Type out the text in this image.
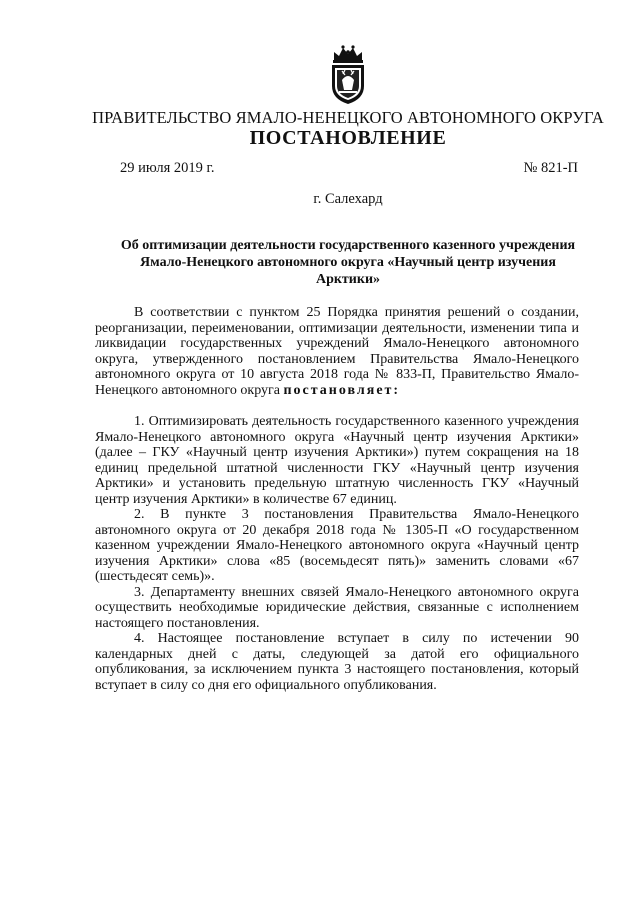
ПРАВИТЕЛЬСТВО ЯМАЛО-НЕНЕЦКОГО АВТОНОМНОГО ОКРУГА
ПОСТАНОВЛЕНИЕ
29 июля 2019 г.	№ 821-П
г. Салехард
Об оптимизации деятельности государственного казенного учреждения Ямало-Ненецкого автономного округа «Научный центр изучения Арктики»

В соответствии с пунктом 25 Порядка принятия решений о создании, реорганизации, переименовании, оптимизации деятельности, изменении типа и ликвидации государственных учреждений Ямало-Ненецкого автономного округа, утвержденного постановлением Правительства Ямало-Ненецкого автономного округа от 10 августа 2018 года № 833-П, Правительство Ямало-Ненецкого автономного округа постановляет:

1. Оптимизировать деятельность государственного казенного учреждения Ямало-Ненецкого автономного округа «Научный центр изучения Арктики» (далее – ГКУ «Научный центр изучения Арктики») путем сокращения на 18 единиц предельной штатной численности ГКУ «Научный центр изучения Арктики» и установить предельную штатную численность ГКУ «Научный центр изучения Арктики» в количестве 67 единиц.

2. В пункте 3 постановления Правительства Ямало-Ненецкого автономного округа от 20 декабря 2018 года № 1305-П «О государственном казенном учреждении Ямало-Ненецкого автономного округа «Научный центр изучения Арктики» слова «85 (восемьдесят пять)» заменить словами «67 (шестьдесят семь)».

3. Департаменту внешних связей Ямало-Ненецкого автономного округа осуществить необходимые юридические действия, связанные с исполнением настоящего постановления.

4. Настоящее постановление вступает в силу по истечении 90 календарных дней с даты, следующей за датой его официального опубликования, за исключением пункта 3 настоящего постановления, который вступает в силу со дня его официального опубликования.
